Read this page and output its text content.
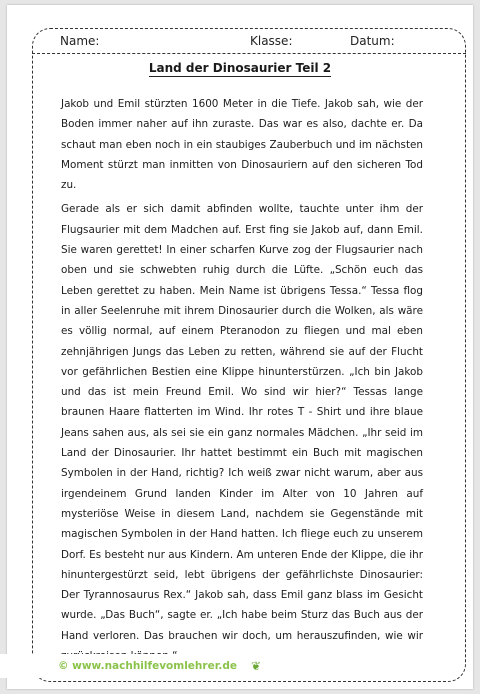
Name:	Klasse:	Datum:
Land der Dinosaurier Teil 2

Jakob und Emil stürzten 1600 Meter in die Tiefe. Jakob sah, wie der Boden immer naher auf ihn zuraste. Das war es also, dachte er. Da schaut man eben noch in ein staubiges Zauberbuch und im nächsten Moment stürzt man inmitten von Dinosauriern auf den sicheren Tod zu.

Gerade als er sich damit abfinden wollte, tauchte unter ihm der Flugsaurier mit dem Madchen auf. Erst fing sie Jakob auf, dann Emil. Sie waren gerettet! In einer scharfen Kurve zog der Flugsaurier nach oben und sie schwebten ruhig durch die Lüfte. „Schön euch das Leben gerettet zu haben. Mein Name ist übrigens Tessa.“ Tessa flog in aller Seelenruhe mit ihrem Dinosaurier durch die Wolken, als wäre es völlig normal, auf einem Pteranodon zu fliegen und mal eben zehnjährigen Jungs das Leben zu retten, während sie auf der Flucht vor gefährlichen Bestien eine Klippe hinunterstürzen. „Ich bin Jakob und das ist mein Freund Emil. Wo sind wir hier?“ Tessas lange braunen Haare flatterten im Wind. Ihr rotes T - Shirt und ihre blaue Jeans sahen aus, als sei sie ein ganz normales Mädchen. „Ihr seid im Land der Dinosaurier. Ihr hattet bestimmt ein Buch mit magischen Symbolen in der Hand, richtig? Ich weiß zwar nicht warum, aber aus irgendeinem Grund landen Kinder im Alter von 10 Jahren auf mysteriöse Weise in diesem Land, nachdem sie Gegenstände mit magischen Symbolen in der Hand hatten. Ich fliege euch zu unserem Dorf. Es besteht nur aus Kindern. Am unteren Ende der Klippe, die ihr hinuntergestürzt seid, lebt übrigens der gefährlichste Dinosaurier: Der Tyrannosaurus Rex.“ Jakob sah, dass Emil ganz blass im Gesicht wurde. „Das Buch“, sagte er. „Ich habe beim Sturz das Buch aus der Hand verloren. Das brauchen wir doch, um herauszufinden, wie wir

© www.nachhilfevomlehrer.de ❦
